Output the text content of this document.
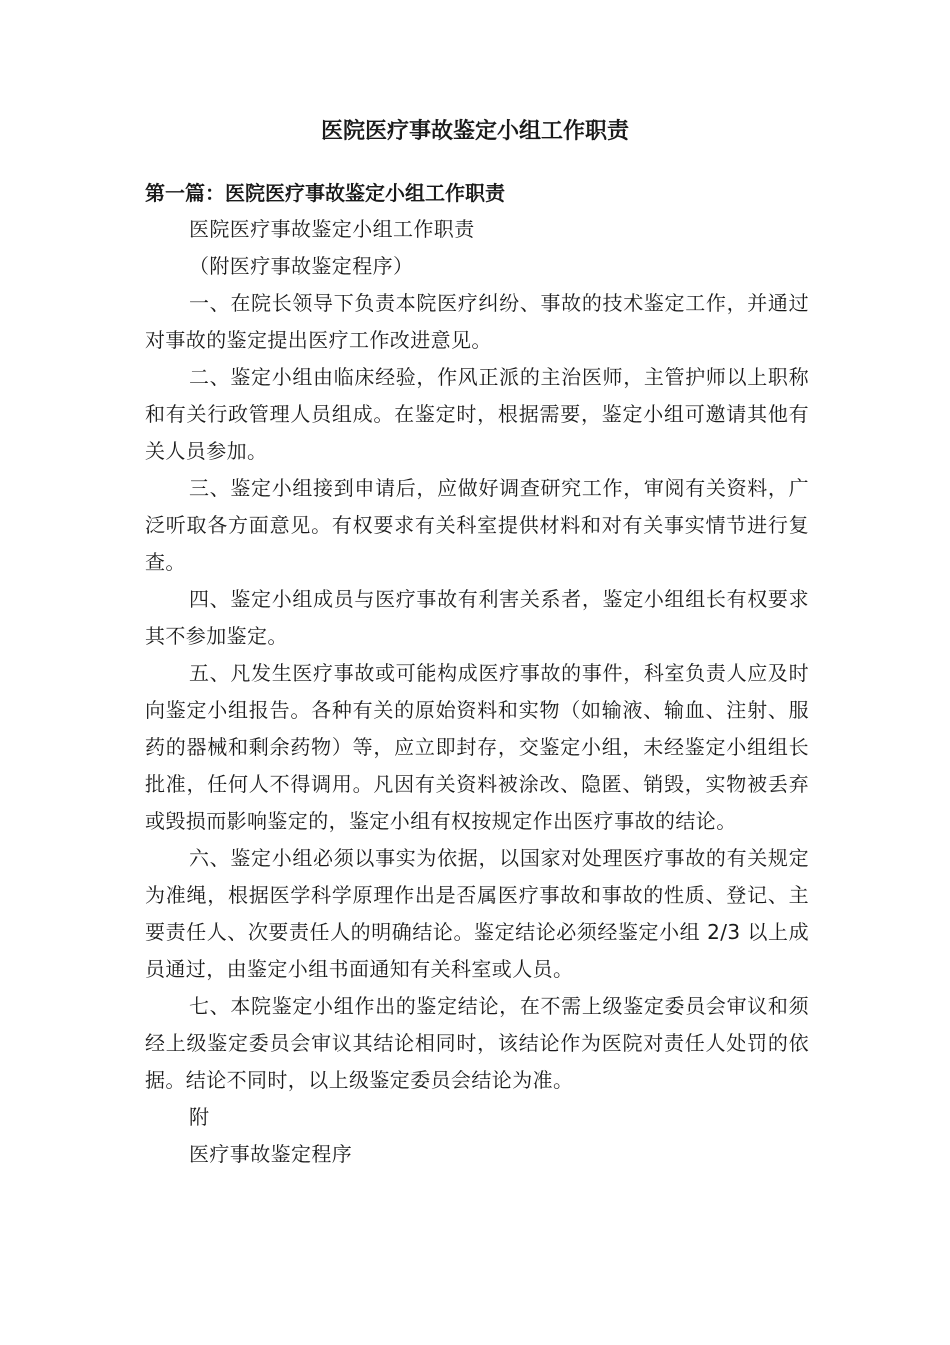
医院医疗事故鉴定小组工作职责
第一篇：医院医疗事故鉴定小组工作职责

医院医疗事故鉴定小组工作职责

（附医疗事故鉴定程序）

一、在院长领导下负责本院医疗纠纷、事故的技术鉴定工作，并通过对事故的鉴定提出医疗工作改进意见。

二、鉴定小组由临床经验，作风正派的主治医师，主管护师以上职称和有关行政管理人员组成。在鉴定时，根据需要，鉴定小组可邀请其他有关人员参加。

三、鉴定小组接到申请后，应做好调查研究工作，审阅有关资料，广泛听取各方面意见。有权要求有关科室提供材料和对有关事实情节进行复查。

四、鉴定小组成员与医疗事故有利害关系者，鉴定小组组长有权要求其不参加鉴定。

五、凡发生医疗事故或可能构成医疗事故的事件，科室负责人应及时向鉴定小组报告。各种有关的原始资料和实物（如输液、输血、注射、服药的器械和剩余药物）等，应立即封存，交鉴定小组，未经鉴定小组组长批准，任何人不得调用。凡因有关资料被涂改、隐匿、销毁，实物被丢弃或毁损而影响鉴定的，鉴定小组有权按规定作出医疗事故的结论。

六、鉴定小组必须以事实为依据，以国家对处理医疗事故的有关规定为准绳，根据医学科学原理作出是否属医疗事故和事故的性质、登记、主要责任人、次要责任人的明确结论。鉴定结论必须经鉴定小组 2/3 以上成员通过，由鉴定小组书面通知有关科室或人员。

七、本院鉴定小组作出的鉴定结论，在不需上级鉴定委员会审议和须经上级鉴定委员会审议其结论相同时，该结论作为医院对责任人处罚的依据。结论不同时，以上级鉴定委员会结论为准。

附

医疗事故鉴定程序
